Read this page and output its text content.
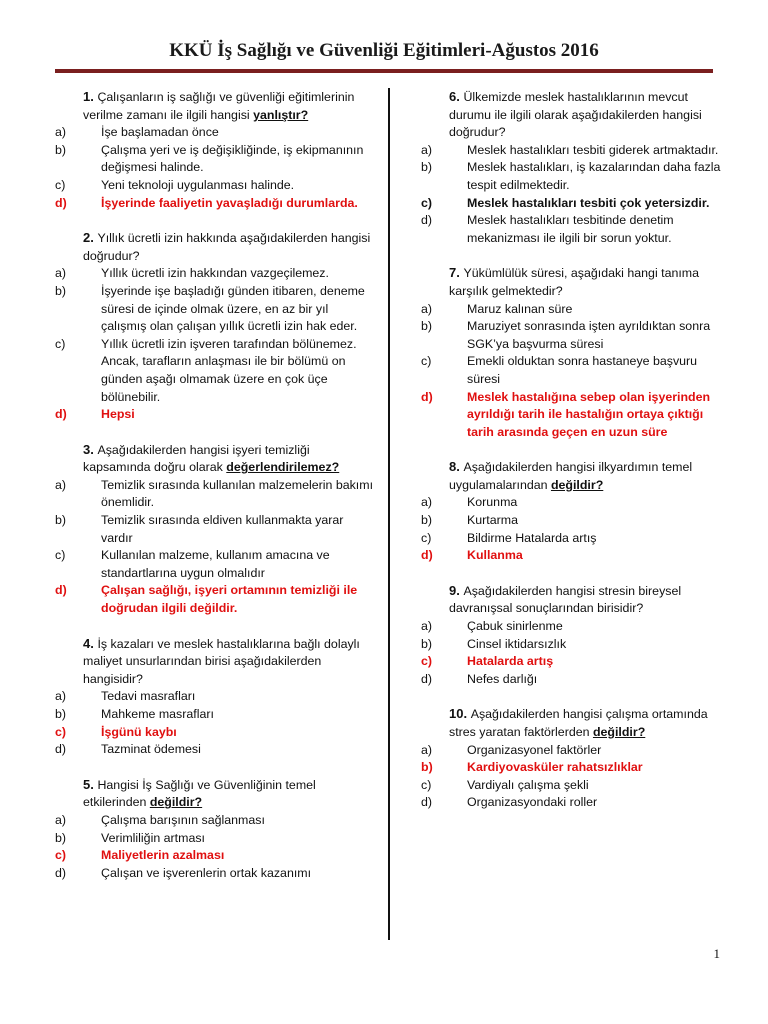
KKÜ İş Sağlığı ve Güvenliği Eğitimleri-Ağustos 2016
1. Çalışanların iş sağlığı ve güvenliği eğitimlerinin verilme zamanı ile ilgili hangisi yanlıştır?
a)	İşe başlamadan önce
b)	Çalışma yeri ve iş değişikliğinde, iş ekipmanının değişmesi halinde.
c)	Yeni teknoloji uygulanması halinde.
d)	İşyerinde faaliyetin yavaşladığı durumlarda.
2. Yıllık ücretli izin hakkında aşağıdakilerden hangisi doğrudur?
a)	Yıllık ücretli izin hakkından vazgeçilemez.
b)	İşyerinde işe başladığı günden itibaren, deneme süresi de içinde olmak üzere, en az bir yıl çalışmış olan çalışan yıllık ücretli izin hak eder.
c)	Yıllık ücretli izin işveren tarafından bölünemez. Ancak, tarafların anlaşması ile bir bölümü on günden aşağı olmamak üzere en çok üçe bölünebilir.
d)	Hepsi
3. Aşağıdakilerden hangisi işyeri temizliği kapsamında doğru olarak değerlendirilemez?
a)	Temizlik sırasında kullanılan malzemelerin bakımı önemlidir.
b)	Temizlik sırasında eldiven kullanmakta yarar vardır
c)	Kullanılan malzeme, kullanım amacına ve standartlarına uygun olmalıdır
d)	Çalışan sağlığı, işyeri ortamının temizliği ile doğrudan ilgili değildir.
4. İş kazaları ve meslek hastalıklarına bağlı dolaylı maliyet unsurlarından birisi aşağıdakilerden hangisidir?
a)	Tedavi masrafları
b)	Mahkeme masrafları
c)	İşgünü kaybı
d)	Tazminat ödemesi
5. Hangisi İş Sağlığı ve Güvenliğinin temel etkilerinden değildir?
a)	Çalışma barışının sağlanması
b)	Verimliliğin artması
c)	Maliyetlerin azalması
d)	Çalışan ve işverenlerin ortak kazanımı
6. Ülkemizde meslek hastalıklarının mevcut durumu ile ilgili olarak aşağıdakilerden hangisi doğrudur?
a)	Meslek hastalıkları tesbiti giderek artmaktadır.
b)	Meslek hastalıkları, iş kazalarından daha fazla tespit edilmektedir.
c)	Meslek hastalıkları tesbiti çok yetersizdir.
d)	Meslek hastalıkları tesbitinde denetim mekanizması ile ilgili bir sorun yoktur.
7. Yükümlülük süresi, aşağıdaki hangi tanıma karşılık gelmektedir?
a)	Maruz kalınan süre
b)	Maruziyet sonrasında işten ayrıldıktan sonra SGK’ya başvurma süresi
c)	Emekli olduktan sonra hastaneye başvuru süresi
d)	Meslek hastalığına sebep olan işyerinden ayrıldığı tarih ile hastalığın ortaya çıktığı tarih arasında geçen en uzun süre
8. Aşağıdakilerden hangisi ilkyardımın temel uygulamalarından değildir?
a)	Korunma
b)	Kurtarma
c)	Bildirme Hatalarda artış
d)	Kullanma
9. Aşağıdakilerden hangisi stresin bireysel davranışsal sonuçlarından birisidir?
a)	Çabuk sinirlenme
b)	Cinsel iktidarsızlık
c)	Hatalarda artış
d)	Nefes darlığı
10. Aşağıdakilerden hangisi çalışma ortamında stres yaratan faktörlerden değildir?
a)	Organizasyonel faktörler
b)	Kardiyovasküler rahatsızlıklar
c)	Vardiyalı çalışma şekli
d)	Organizasyondaki roller
1
